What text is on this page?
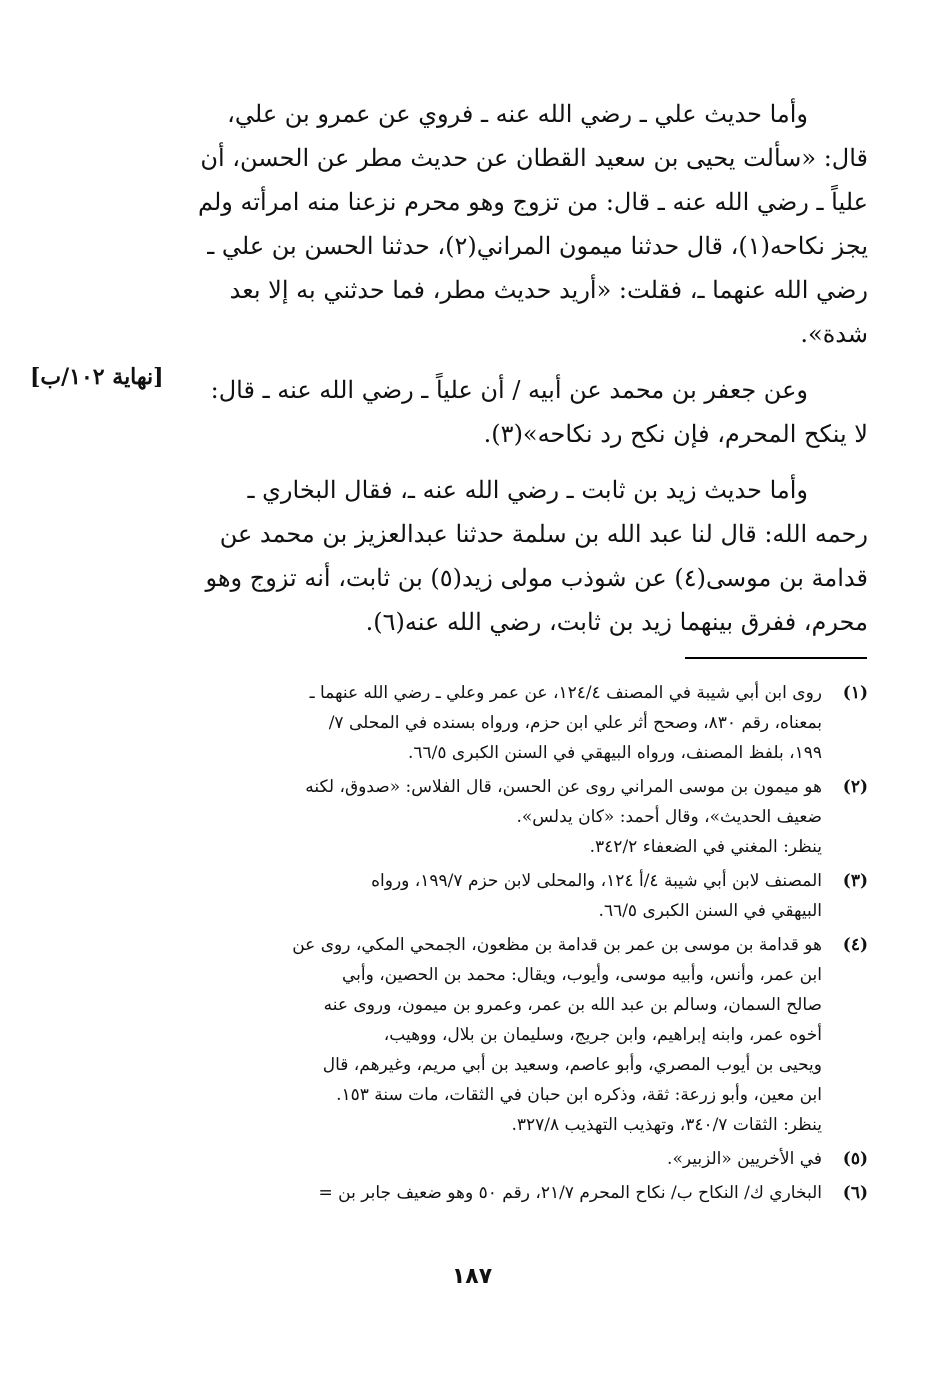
وأما حديث علي ـ رضي الله عنه ـ فروي عن عمرو بن علي،

قال: «سألت يحيى بن سعيد القطان عن حديث مطر عن الحسن، أن

علياً ـ رضي الله عنه ـ قال: من تزوج وهو محرم نزعنا منه امرأته ولم

يجز نكاحه(١)، قال حدثنا ميمون المراني(٢)، حدثنا الحسن بن علي ـ

رضي الله عنهما ـ، فقلت: «أريد حديث مطر، فما حدثني به إلا بعد

شدة».

وعن جعفر بن محمد عن أبيه / أن علياً ـ رضي الله عنه ـ قال:

لا ينكح المحرم، فإن نكح رد نكاحه»(٣).

وأما حديث زيد بن ثابت ـ رضي الله عنه ـ، فقال البخاري ـ

رحمه الله: قال لنا عبد الله بن سلمة حدثنا عبدالعزيز بن محمد عن

قدامة بن موسى(٤) عن شوذب مولى زيد(٥) بن ثابت، أنه تزوج وهو

محرم، ففرق بينهما زيد بن ثابت، رضي الله عنه(٦).

[نهاية ١٠٢/ب]
(١)
روى ابن أبي شيبة في المصنف ١٢٤/٤، عن عمر وعلي ـ رضي الله عنهما ـ
بمعناه، رقم ٨٣٠، وصحح أثر علي ابن حزم، ورواه بسنده في المحلى ٧/
١٩٩، بلفظ المصنف، ورواه البيهقي في السنن الكبرى ٦٦/٥.
(٢)
هو ميمون بن موسى المراني روى عن الحسن، قال الفلاس: «صدوق، لكنه
ضعيف الحديث»، وقال أحمد: «كان يدلس».
ينظر: المغني في الضعفاء ٣٤٢/٢.
(٣)
المصنف لابن أبي شيبة ٤/أ ١٢٤، والمحلى لابن حزم ١٩٩/٧، ورواه
البيهقي في السنن الكبرى ٦٦/٥.
(٤)
هو قدامة بن موسى بن عمر بن قدامة بن مظعون، الجمحي المكي، روى عن
ابن عمر، وأنس، وأبيه موسى، وأيوب، ويقال: محمد بن الحصين، وأبي
صالح السمان، وسالم بن عبد الله بن عمر، وعمرو بن ميمون، وروى عنه
أخوه عمر، وابنه إبراهيم، وابن جريج، وسليمان بن بلال، ووهيب،
ويحيى بن أيوب المصري، وأبو عاصم، وسعيد بن أبي مريم، وغيرهم، قال
ابن معين، وأبو زرعة: ثقة، وذكره ابن حبان في الثقات، مات سنة ١٥٣.
ينظر: الثقات ٣٤٠/٧، وتهذيب التهذيب ٣٢٧/٨.
(٥)
في الأخريين «الزبير».
(٦)
البخاري ك/ النكاح ب/ نكاح المحرم ٢١/٧، رقم ٥٠ وهو ضعيف جابر بن =
١٨٧
